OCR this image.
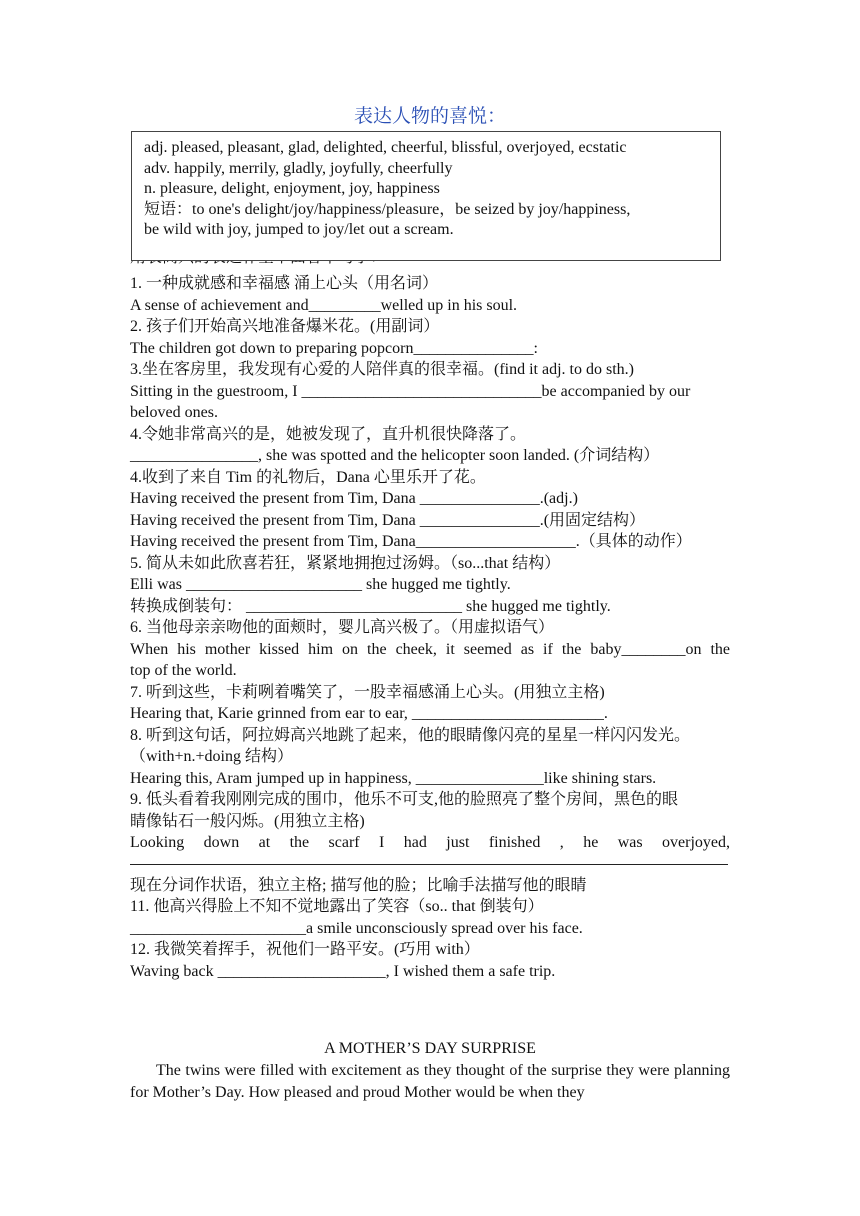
表达人物的喜悦：
adj. pleased, pleasant, glad, delighted, cheerful, blissful, overjoyed, ecstatic
adv. happily, merrily, gladly, joyfully, cheerfully
n. pleasure, delight, enjoyment, joy, happiness
短语：to one's delight/joy/happiness/pleasure，be seized by joy/happiness,
be wild with joy, jumped to joy/let out a scream.
1. 一种成就感和幸福感 涌上心头（用名词）
A sense of achievement and_________welled up in his soul.
2. 孩子们开始高兴地准备爆米花。(用副词）
The children got down to preparing popcorn_______________:
3.坐在客房里，我发现有心爱的人陪伴真的很幸福。(find it adj. to do sth.)
Sitting in the guestroom, I ______________________________be accompanied by our
beloved ones.
4.令她非常高兴的是，她被发现了，直升机很快降落了。
________________, she was spotted and the helicopter soon landed. (介词结构）
4.收到了来自 Tim 的礼物后，Dana 心里乐开了花。
Having received the present from Tim, Dana _______________.(adj.)
Having received the present from Tim, Dana _______________.(用固定结构）
Having received the present from Tim, Dana____________________.（具体的动作）
5. 简从未如此欣喜若狂，紧紧地拥抱过汤姆。（so...that 结构）
Elli was ______________________ she hugged me tightly.
转换成倒装句： ___________________________ she hugged me tightly.
6. 当他母亲亲吻他的面颊时，婴儿高兴极了。（用虚拟语气）
When his mother kissed him on the cheek, it seemed as if the baby________on the
top of the world.
7. 听到这些，卡莉咧着嘴笑了，一股幸福感涌上心头。(用独立主格)
Hearing that, Karie grinned from ear to ear, ________________________.
8. 听到这句话，阿拉姆高兴地跳了起来，他的眼睛像闪亮的星星一样闪闪发光。
（with+n.+doing 结构）
Hearing this, Aram jumped up in happiness, ________________like shining stars.
9. 低头看着我刚刚完成的围巾，他乐不可支,他的脸照亮了整个房间，黑色的眼
睛像钻石一般闪烁。(用独立主格)
Looking down at the scarf I had just finished , he was overjoyed,
现在分词作状语，独立主格; 描写他的脸；比喻手法描写他的眼睛
11. 他高兴得脸上不知不觉地露出了笑容（so.. that 倒装句）
______________________a smile unconsciously spread over his face.
12. 我微笑着挥手，祝他们一路平安。(巧用 with）
Waving back _____________________, I wished them a safe trip.
A MOTHER’S DAY SURPRISE
The twins were filled with excitement as they thought of the surprise they were planning for Mother’s Day. How pleased and proud Mother would be when they
